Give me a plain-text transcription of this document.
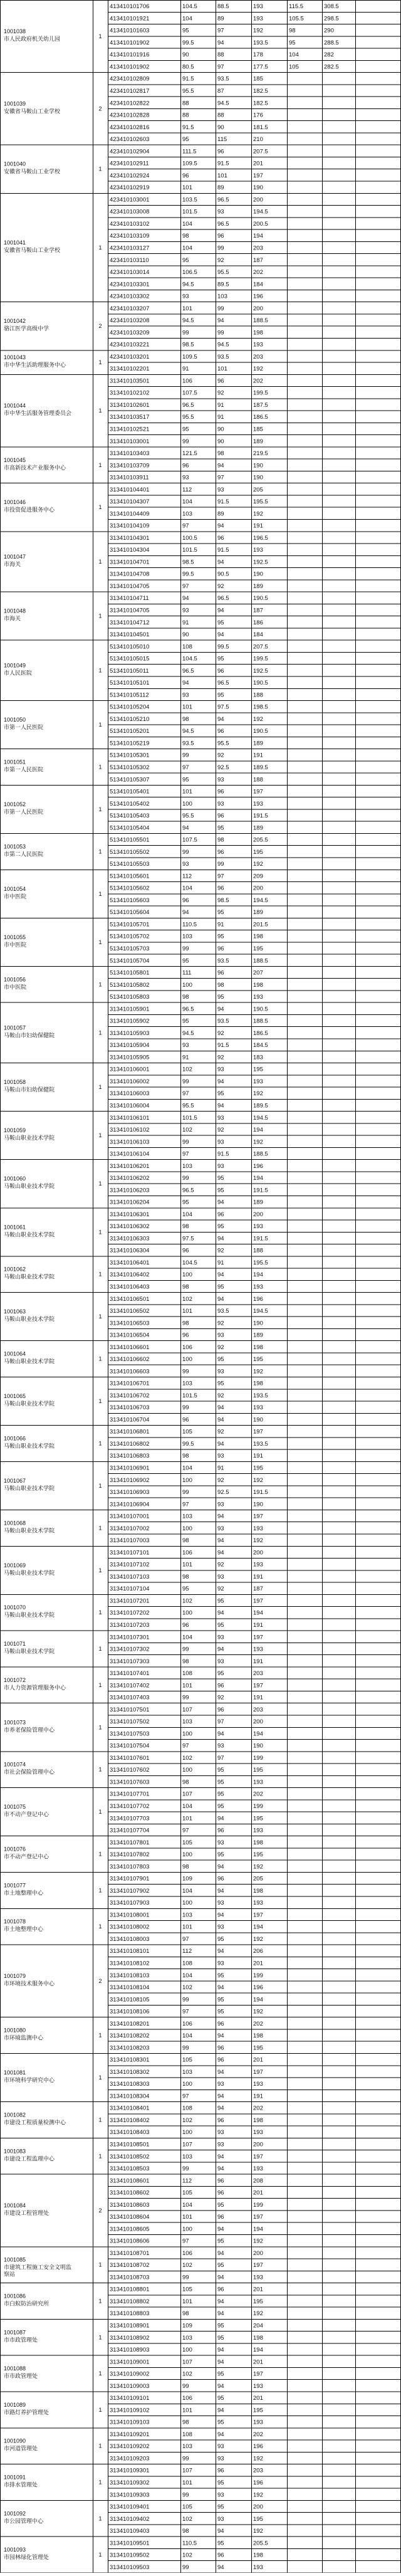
1001038
市人民政府机关幼儿园	1
413410101706	104.5	88.5	193	115.5	308.5
413410101921	104	89	193	105.5	298.5
413410101603	95	97	192	98	290
413410101902	99.5	94	193.5	95	288.5
413410101916	90	88	178	104	282
413410101902	80.5	97	177.5	105	282.5
1001039
安徽省马鞍山工业学校	2
423410102809	91.5	93.5	185
423410102817	95.5	87	182.5
423410102822	88	94.5	182.5
423410102828	88	88	176
423410102816	91.5	90	181.5
423410102603	95	115	210
1001040
安徽省马鞍山工业学校	1
423410102904	111.5	96	207.5
423410102911	109.5	91.5	201
423410102924	96	101	197
423410102919	101	89	190
1001041
安徽省马鞍山工业学校	1
423410103001	103.5	96.5	200
423410103008	101.5	93	194.5
423410103102	104	96.5	200.5
423410103109	98	96	194
423410103127	104	99	203
423410103110	95	92	187
423410103014	106.5	95.5	202
423410103301	94.5	89.5	184
423410103302	93	103	196
1001042
骆江医学高级中学	2
423410103207	101	99	200
423410103208	94.5	94	188.5
423410103209	99	99	198
423410103221	98.5	94.5	193
1001043
市中华生活助理服务中心	1
423410103201	109.5	93.5	203
313410102201	91	101	192
1001044
市中华生活服务管理委员会	1
313410103501	106	96	202
313410102102	107.5	92	199.5
313410102601	96.5	91	187.5
313410103517	95.5	91	186.5
313410102521	95	90	185
313410103001	99	90	189
1001045
市高新技术产业服务中心	1
313410103403	121.5	98	219.5
313410103709	96	94	190
313410103911	93	97	190
1001046
市投资促进服务中心	1
313410104401	112	93	205
313410104307	104	91.5	195.5
313410104409	103	89	192
313410104109	97	94	191
1001047
市海关	1
313410104301	100.5	96	196.5
313410104304	101.5	91.5	193
313410104701	98.5	94	192.5
313410104708	99.5	90.5	190
313410104705	97	92	189
1001048
市海关	1
313410104711	94	96.5	190.5
313410104705	93	94	187
313410104712	91	95	186
313410104501	90	94	184
1001049
市人民医院	1
513410105010	108	99.5	207.5
513410105015	104.5	95	199.5
513410105011	96.5	96	192.5
513410105101	94	96.5	190.5
513410105112	93	95	188
1001050
市第一人民医院	1
513410105204	101	97.5	198.5
513410105210	98	94	192
513410105201	94.5	96	190.5
513410105219	93.5	95.5	189
1001051
市第一人民医院	1
513410105301	99	92	191
513410105302	97	92.5	189.5
513410105307	95	93	188
1001052
市第一人民医院	1
513410105401	101	96	197
513410105402	100	93	193
513410105403	95.5	96	191.5
513410105404	94	95	189
1001053
市第二人民医院	1
513410105501	107.5	98	205.5
513410105502	99	96	195
513410105503	93	99	192
1001054
市中医院	1
513410105601	112	97	209
513410105602	104	96	200
513410105603	96	98.5	194.5
513410105604	94	95	189
1001055
市中医院	1
513410105701	110.5	91	201.5
513410105702	103	95	198
513410105703	99	96	195
513410105704	95	93.5	188.5
1001056
市中医院	1
513410105801	111	96	207
513410105802	100	98	198
513410105803	98	95	193
1001057
马鞍山市妇幼保健院	1
313410105901	96.5	94	190.5
313410105902	95	93.5	188.5
313410105903	94.5	92	186.5
313410105904	93	91.5	184.5
313410105905	91	92	183
1001058
马鞍山市妇幼保健院	1
313410106001	102	93	195
313410106002	99	94	193
313410106003	97	95	192
313410106004	95.5	94	189.5
1001059
马鞍山职业技术学院	1
313410106101	101.5	93	194.5
313410106102	102	92	194
313410106103	99	93	192
313410106104	97	91.5	188.5
1001060
马鞍山职业技术学院	1
313410106201	103	93	196
313410106202	99	95	194
313410106203	96.5	95	191.5
313410106204	95	94	189
1001061
马鞍山职业技术学院	1
313410106301	104	96	200
313410106302	98	95	193
313410106303	97.5	94	191.5
313410106304	96	92	188
1001062
马鞍山职业技术学院	1
313410106401	104.5	91	195.5
313410106402	100	94	194
313410106403	98	95	193
1001063
马鞍山职业技术学院	1
313410106501	102	94	196
313410106502	101	93.5	194.5
313410106503	98	92	190
313410106504	96	93	189
1001064
马鞍山职业技术学院	1
313410106601	106	92	198
313410106602	100	95	195
313410106603	99	93	192
1001065
马鞍山职业技术学院	1
313410106701	103	95	198
313410106702	101.5	92	193.5
313410106703	99	94	193
313410106704	96	94	190
1001066
马鞍山职业技术学院	1
313410106801	105	92	197
313410106802	99.5	94	193.5
313410106803	98	93	191
1001067
马鞍山职业技术学院	1
313410106901	104	91	195
313410106902	100	92	192
313410106903	99	92.5	191.5
313410106904	97	93	190
1001068
马鞍山职业技术学院	1
313410107001	103	94	197
313410107002	100	93	193
313410107003	98	94	192
1001069
马鞍山职业技术学院	1
313410107101	106	94	200
313410107102	101	92	193
313410107103	98	93	191
313410107104	95	92	187
1001070
马鞍山职业技术学院	1
313410107201	102	95	197
313410107202	100	94	194
313410107203	96	95	191
1001071
马鞍山职业技术学院	1
313410107301	104	93	197
313410107302	99	94	193
313410107303	98	93	191
1001072
市人力资源管理服务中心	1
313410107401	108	95	203
313410107402	101	96	197
313410107403	99	92	191
1001073
市养老保险管理中心	1
313410107501	107	96	203
313410107502	103	97	200
313410107503	100	94	194
313410107504	97	93	190
1001074
市社会保险管理中心	1
313410107601	102	97	199
313410107602	100	95	195
313410107603	98	95	193
1001075
市不动产登记中心	1
313410107701	107	95	202
313410107702	104	95	199
313410107703	101	94	195
313410107704	97	96	193
1001076
市不动产登记中心	1
313410107801	105	93	198
313410107802	100	95	195
313410107803	98	94	192
1001077
市土地整理中心	1
313410107901	109	96	205
313410107902	104	94	198
313410107903	100	93	193
1001078
市土地整理中心	1
313410108001	103	94	197
313410108002	101	93	194
313410108003	97	95	192
1001079
市环境技术服务中心	2
313410108101	112	94	206
313410108102	108	93	201
313410108103	104	95	199
313410108104	102	94	196
313410108105	99	95	194
313410108106	97	95	192
1001080
市环境监测中心	1
313410108201	106	96	202
313410108202	104	94	198
313410108203	99	96	195
1001081
市环境科学研究中心	1
313410108301	105	96	201
313410108302	103	94	197
313410108303	100	93	193
313410108304	97	94	191
1001082
市建设工程质量检测中心	1
313410108401	108	94	202
313410108402	102	96	198
313410108403	100	93	193
1001083
市建设工程监理中心	1
313410108501	107	93	200
313410108502	103	94	197
313410108503	99	94	193
1001084
市建设工程管理处	2
313410108601	112	96	208
313410108602	105	96	201
313410108603	104	95	199
313410108604	101	96	197
313410108605	100	94	194
313410108606	97	95	192
1001085
市建筑工程施工安全文明监
察站
1
313410108701	106	94	200
313410108702	102	95	197
313410108703	99	94	193
1001086
市白蚁防治研究所	1
313410108801	105	96	201
313410108802	101	94	195
313410108803	98	94	192
1001087
市市政管理处	1
313410108901	109	95	204
313410108902	103	95	198
313410108903	100	94	194
1001088
市市政管理处	1
313410109001	107	94	201
313410109002	102	95	197
313410109003	99	94	193
1001089
市路灯养护管理处	1
313410109101	106	95	201
313410109102	101	94	195
313410109103	98	95	193
1001090
市河道管理处	1
313410109201	108	94	202
313410109202	103	93	196
313410109203	99	93	192
1001091
市排水管理处	1
313410109301	107	96	203
313410109302	101	95	196
313410109303	99	93	192
1001092
市公园管理中心	1
313410109401	105	95	200
313410109402	102	93	195
313410109403	98	94	192
1001093
市园林绿化管理处	1
313410109501	110.5	95	205.5
313410109502	102	96	198
313410109503	99	94	193
